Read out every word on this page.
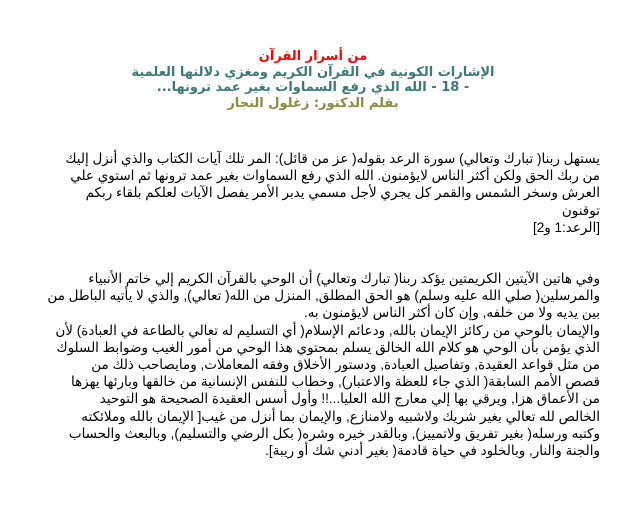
من أسرار القرآن
الإشارات الكونية في القرآن الكريم ومغزي دلالتها العلمية
- 18 - الله الذي رفع السماوات بغير عمد ترونها...
بقلم الدكتور: زغلول النجار
يستهل ربنا( تبارك وتعالي) سورة الرعد بقوله( عز من قائل): المر تلك آيات الكتاب والذي أنزل إليك
من ربك الحق ولكن أكثر الناس لايؤمنون. الله الذي رفع السماوات بغير عمد ترونها ثم استوي علي
العرش وسخر الشمس والقمر كل يجري لأجل مسمي يدبر الأمر يفصل الآيات لعلكم بلقاء ربكم
توقنون
[الرعد:1 و2]
وفي هاتين الآيتين الكريمتين يؤكد ربنا( تبارك وتعالي) أن الوحي بالقرآن الكريم إلي خاتم الأنبياء
والمرسلين( صلي الله عليه وسلم) هو الحق المطلق, المنزل من الله( تعالي), والذي لا يأتيه الباطل من
بين يديه ولا من خلفه, وإن كان أكثر الناس لايؤمنون به.
والإيمان بالوحي من ركائز الإيمان بالله, ودعائم الإسلام( أي التسليم له تعالي بالطاعة في العبادة) لأن
الذي يؤمن بأن الوحي هو كلام الله الخالق يسلم بمحتوي هذا الوحي من أمور الغيب وضوابط السلوك
من مثل قواعد العقيدة, وتفاصيل العبادة, ودستور الأخلاق وفقه المعاملات, ومايصاحب ذلك من
قصص الأمم السابقة( الذي جاء للعظة والاعتبار), وخطاب للنفس الإنسانية من خالقها وبارئها يهزها
من الأعماق هزا, ويرقي بها إلي معارج الله العليا...!! وأول أسس العقيدة الصحيحة هو التوحيد
الخالص لله تعالي بغير شريك ولاشبيه ولامنازع, والإيمان بما أنزل من غيب[ الإيمان بالله وملائكته
وكتبه ورسله( بغير تفريق ولاتمييز), وبالقدر خيره وشره( بكل الرضي والتسليم), وبالبعث والحساب
والجنة والنار, وبالخلود في حياة قادمة( بغير أدني شك أو ريبة].
